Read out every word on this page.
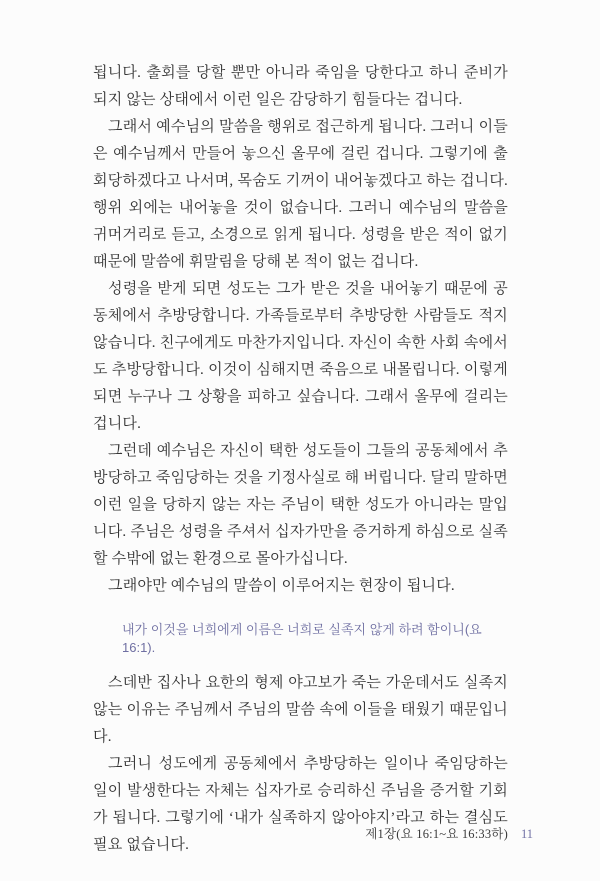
됩니다. 출회를 당할 뿐만 아니라 죽임을 당한다고 하니 준비가 되지 않는 상태에서 이런 일은 감당하기 힘들다는 겁니다.

그래서 예수님의 말씀을 행위로 접근하게 됩니다. 그러니 이들은 예수님께서 만들어 놓으신 올무에 걸린 겁니다. 그렇기에 출회당하겠다고 나서며, 목숨도 기꺼이 내어놓겠다고 하는 겁니다. 행위 외에는 내어놓을 것이 없습니다. 그러니 예수님의 말씀을 귀머거리로 듣고, 소경으로 읽게 됩니다. 성령을 받은 적이 없기 때문에 말씀에 휘말림을 당해 본 적이 없는 겁니다.

성령을 받게 되면 성도는 그가 받은 것을 내어놓기 때문에 공동체에서 추방당합니다. 가족들로부터 추방당한 사람들도 적지 않습니다. 친구에게도 마찬가지입니다. 자신이 속한 사회 속에서도 추방당합니다. 이것이 심해지면 죽음으로 내몰립니다. 이렇게 되면 누구나 그 상황을 피하고 싶습니다. 그래서 올무에 걸리는 겁니다.

그런데 예수님은 자신이 택한 성도들이 그들의 공동체에서 추방당하고 죽임당하는 것을 기정사실로 해 버립니다. 달리 말하면 이런 일을 당하지 않는 자는 주님이 택한 성도가 아니라는 말입니다. 주님은 성령을 주셔서 십자가만을 증거하게 하심으로 실족할 수밖에 없는 환경으로 몰아가십니다.

그래야만 예수님의 말씀이 이루어지는 현장이 됩니다.

내가 이것을 너희에게 이름은 너희로 실족지 않게 하려 함이니(요 16:1).

스데반 집사나 요한의 형제 야고보가 죽는 가운데서도 실족지 않는 이유는 주님께서 주님의 말씀 속에 이들을 태웠기 때문입니다.

그러니 성도에게 공동체에서 추방당하는 일이나 죽임당하는 일이 발생한다는 자체는 십자가로 승리하신 주님을 증거할 기회가 됩니다. 그렇기에 ‘내가 실족하지 않아야지’라고 하는 결심도 필요 없습니다.

제1장(요 16:1~요 16:33하) 11
